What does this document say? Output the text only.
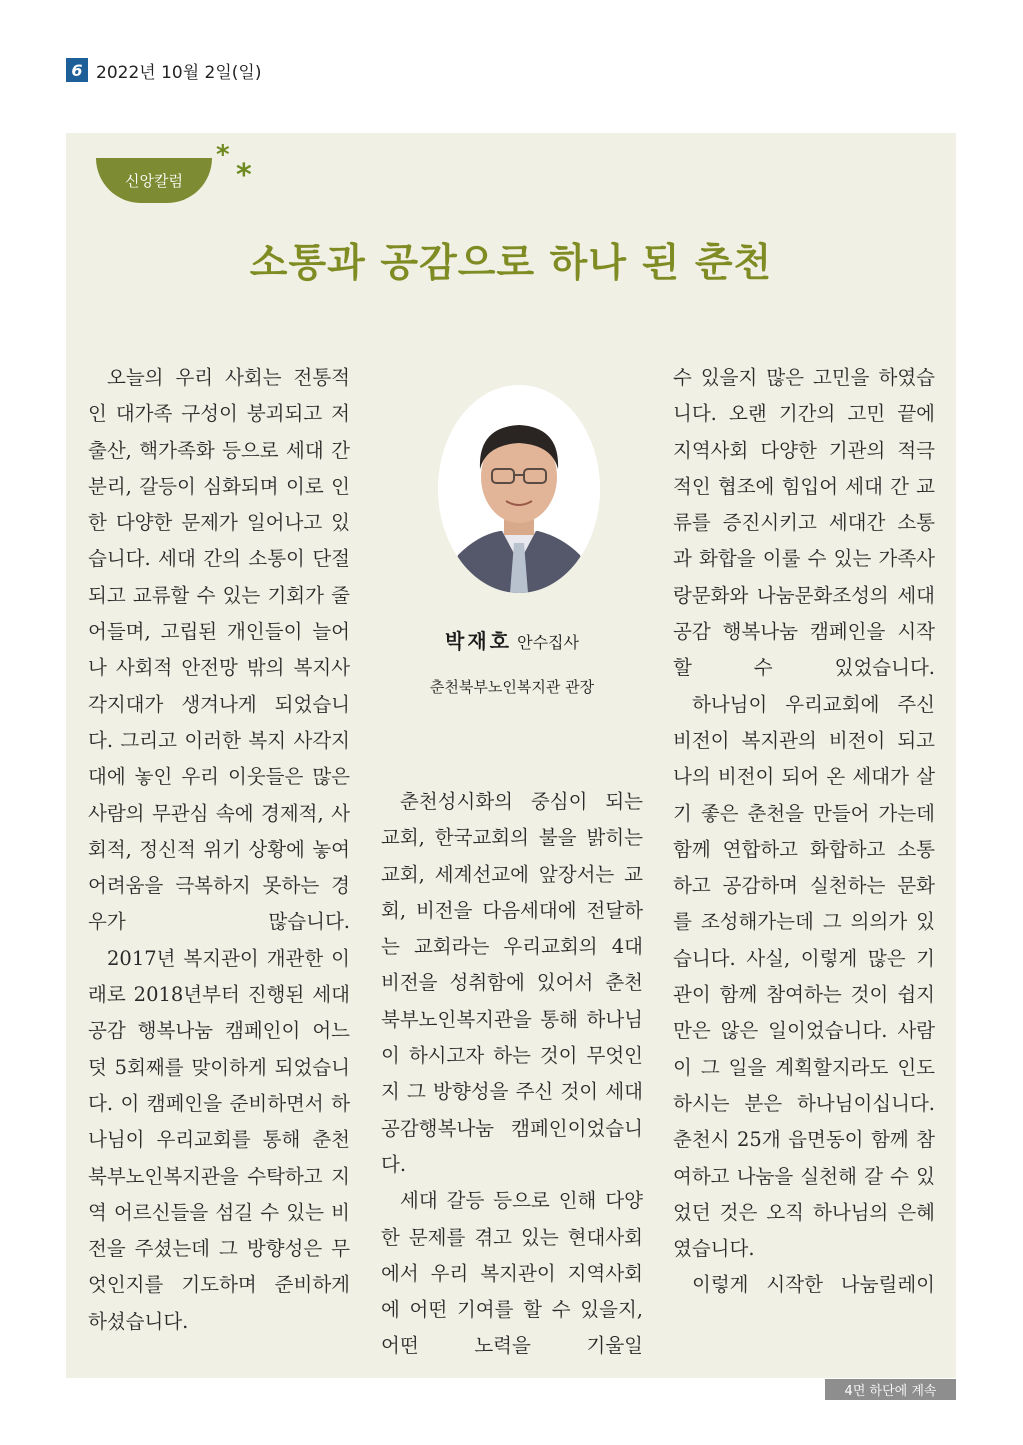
6 2022년 10월 2일(일)
신앙칼럼
*
*
소통과 공감으로 하나 된 춘천

오늘의 우리 사회는 전통적인 대가족 구성이 붕괴되고 저출산, 핵가족화 등으로 세대 간 분리, 갈등이 심화되며 이로 인한 다양한 문제가 일어나고 있습니다. 세대 간의 소통이 단절되고 교류할 수 있는 기회가 줄어들며, 고립된 개인들이 늘어나 사회적 안전망 밖의 복지사각지대가 생겨나게 되었습니다. 그리고 이러한 복지 사각지대에 놓인 우리 이웃들은 많은 사람의 무관심 속에 경제적, 사회적, 정신적 위기 상황에 놓여 어려움을 극복하지 못하는 경우가 많습니다.

2017년 복지관이 개관한 이래로 2018년부터 진행된 세대공감 행복나눔 캠페인이 어느덧 5회째를 맞이하게 되었습니다. 이 캠페인을 준비하면서 하나님이 우리교회를 통해 춘천북부노인복지관을 수탁하고 지역 어르신들을 섬길 수 있는 비전을 주셨는데 그 방향성은 무엇인지를 기도하며 준비하게 하셨습니다.

박재호 안수집사
춘천북부노인복지관 관장

춘천성시화의 중심이 되는 교회, 한국교회의 불을 밝히는 교회, 세계선교에 앞장서는 교회, 비전을 다음세대에 전달하는 교회라는 우리교회의 4대 비전을 성취함에 있어서 춘천북부노인복지관을 통해 하나님이 하시고자 하는 것이 무엇인지 그 방향성을 주신 것이 세대공감행복나눔 캠페인이었습니다.

세대 갈등 등으로 인해 다양한 문제를 겪고 있는 현대사회에서 우리 복지관이 지역사회에 어떤 기여를 할 수 있을지, 어떤 노력을 기울일

수 있을지 많은 고민을 하였습니다. 오랜 기간의 고민 끝에 지역사회 다양한 기관의 적극적인 협조에 힘입어 세대 간 교류를 증진시키고 세대간 소통과 화합을 이룰 수 있는 가족사랑문화와 나눔문화조성의 세대공감 행복나눔 캠페인을 시작할 수 있었습니다.

하나님이 우리교회에 주신 비전이 복지관의 비전이 되고 나의 비전이 되어 온 세대가 살기 좋은 춘천을 만들어 가는데 함께 연합하고 화합하고 소통하고 공감하며 실천하는 문화를 조성해가는데 그 의의가 있습니다. 사실, 이렇게 많은 기관이 함께 참여하는 것이 쉽지만은 않은 일이었습니다. 사람이 그 일을 계획할지라도 인도하시는 분은 하나님이십니다. 춘천시 25개 읍면동이 함께 참여하고 나눔을 실천해 갈 수 있었던 것은 오직 하나님의 은혜였습니다.

이렇게 시작한 나눔릴레이

4면 하단에 계속
